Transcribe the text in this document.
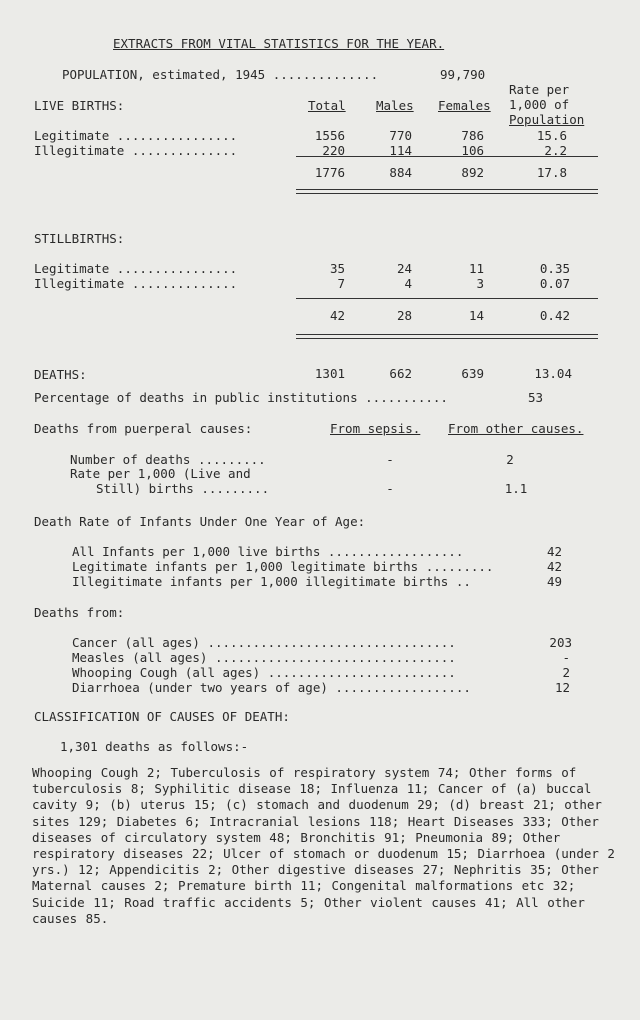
EXTRACTS FROM VITAL STATISTICS FOR THE YEAR.
POPULATION, estimated, 1945 ..............	99,790
LIVE BIRTHS:	Total Males Females
Rate per
1,000 of
Population
Legitimate ................	1556	770	786	15.6
Illegitimate ..............	220	114	106	2.2
1776	884	892	17.8
STILLBIRTHS:
Legitimate ................	35	24	11	0.35
Illegitimate ..............	7	4	3	0.07
42	28	14	0.42
DEATHS:	1301	662	639	13.04
Percentage of deaths in public institutions ...........	53
Deaths from puerperal causes:	From sepsis. From other causes.
Number of deaths .........	-	2
Rate per 1,000 (Live and
Still) births .........	-	1.1
Death Rate of Infants Under One Year of Age:
All Infants per 1,000 live births ..................	42
Legitimate infants per 1,000 legitimate births .........	42
Illegitimate infants per 1,000 illegitimate births ..	49
Deaths from:
Cancer (all ages) .................................	203
Measles (all ages) ................................	-
Whooping Cough (all ages) .........................	2
Diarrhoea (under two years of age) ..................	12
CLASSIFICATION OF CAUSES OF DEATH:
1,301 deaths as follows:-
Whooping Cough 2; Tuberculosis of respiratory system 74; Other forms of tuberculosis 8; Syphilitic disease 18; Influenza 11; Cancer of (a) buccal cavity 9; (b) uterus 15; (c) stomach and duodenum 29; (d) breast 21; other sites 129; Diabetes 6; Intracranial lesions 118; Heart Diseases 333; Other diseases of circulatory system 48; Bronchitis 91; Pneumonia 89; Other respiratory diseases 22; Ulcer of stomach or duodenum 15; Diarrhoea (under 2 yrs.) 12; Appendicitis 2; Other digestive diseases 27; Nephritis 35; Other Maternal causes 2; Premature birth 11; Congenital malformations etc 32; Suicide 11; Road traffic accidents 5; Other violent causes 41; All other causes 85.
